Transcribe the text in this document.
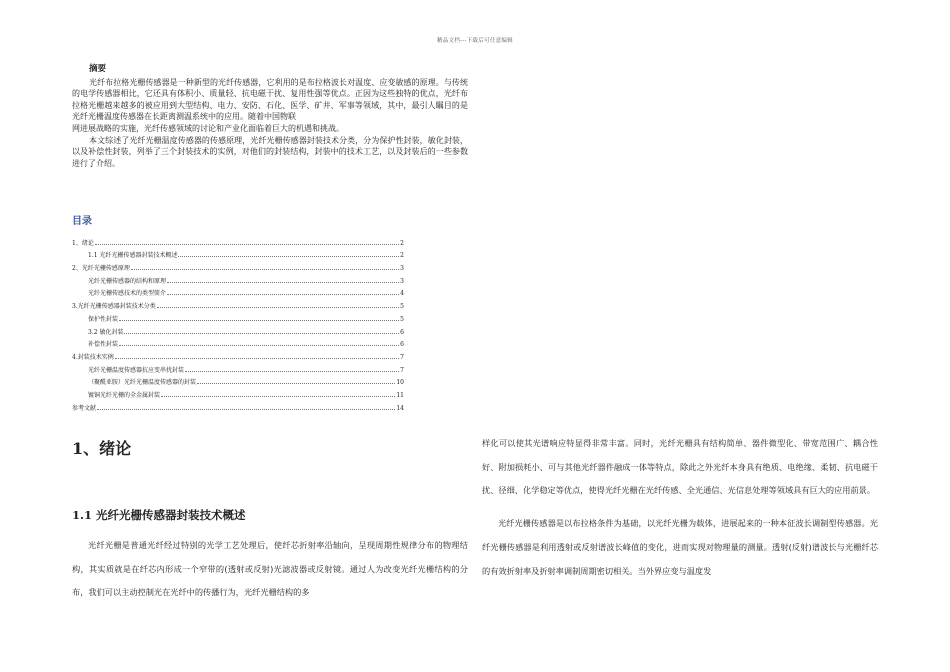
精品文档---下载后可任意编辑
摘要

光纤布拉格光栅传感器是一种新型的光纤传感器，它利用的是布拉格波长对温度、应变敏感的原理。与传统的电学传感器相比，它还具有体积小、质量轻、抗电磁干扰、复用性强等优点。正因为这些独特的优点，光纤布拉格光栅越来越多的被应用到大型结构、电力、安防、石化、医学、矿井、军事等领域，其中，最引人瞩目的是光纤光栅温度传感器在长距离测温系统中的应用。随着中国物联

网进展战略的实施，光纤传感领域的讨论和产业化面临着巨大的机遇和挑战。

本文综述了光纤光栅温度传感器的传感原理，光纤光栅传感器封装技术分类，分为保护性封装，敏化封装，以及补偿性封装，列举了三个封装技术的实例，对他们的封装结构，封装中的技术工艺，以及封装后的一些参数进行了介绍。

目录
1、绪论	2
1.1 光纤光栅传感器封装技术概述	2
2、光纤光栅传感原理	3
光纤光栅传感器的结构和原理	3
光纤光栅传感技术的类型简介	4
3.光纤光栅传感器封装技术分类	5
保护性封装	5
3.2 敏化封装	6
补偿性封装	6
4.封装技术实例	7
光纤光栅温度传感器抗应变串扰封装	7
（聚酰亚胺）光纤光栅温度传感器的封装	10
镀铜光纤光栅的全金属封装	11
参考文献	14
1、绪论
1.1 光纤光栅传感器封装技术概述
光纤光栅是普通光纤经过特别的光学工艺处理后，使纤芯折射率沿轴向，呈现周期性规律分布的物理结构，其实质就是在纤芯内形成一个窄带的(透射或反射)光滤波器或反射镜。通过人为改变光纤光栅结构的分布，我们可以主动控制光在光纤中的传播行为，光纤光栅结构的多

样化可以使其光谱响应特显得非常丰富。同时，光纤光栅具有结构简单、器件微型化、带宽范围广、耦合性好、附加损耗小、可与其他光纤器件融成一体等特点，除此之外光纤本身具有绝质、电绝缘、柔韧、抗电磁干扰、径细、化学稳定等优点，使得光纤光栅在光纤传感、全光通信、光信息处理等领域具有巨大的应用前景。

光纤光栅传感器是以布拉格条件为基础，以光纤光栅为载体，进展起来的一种本征波长调制型传感器。光纤光栅传感器是利用透射或反射谱波长峰值的变化，进而实现对物理量的测量。透射(反射)谱波长与光栅纤芯的有效折射率及折射率调制周期密切相关。当外界应变与温度发
